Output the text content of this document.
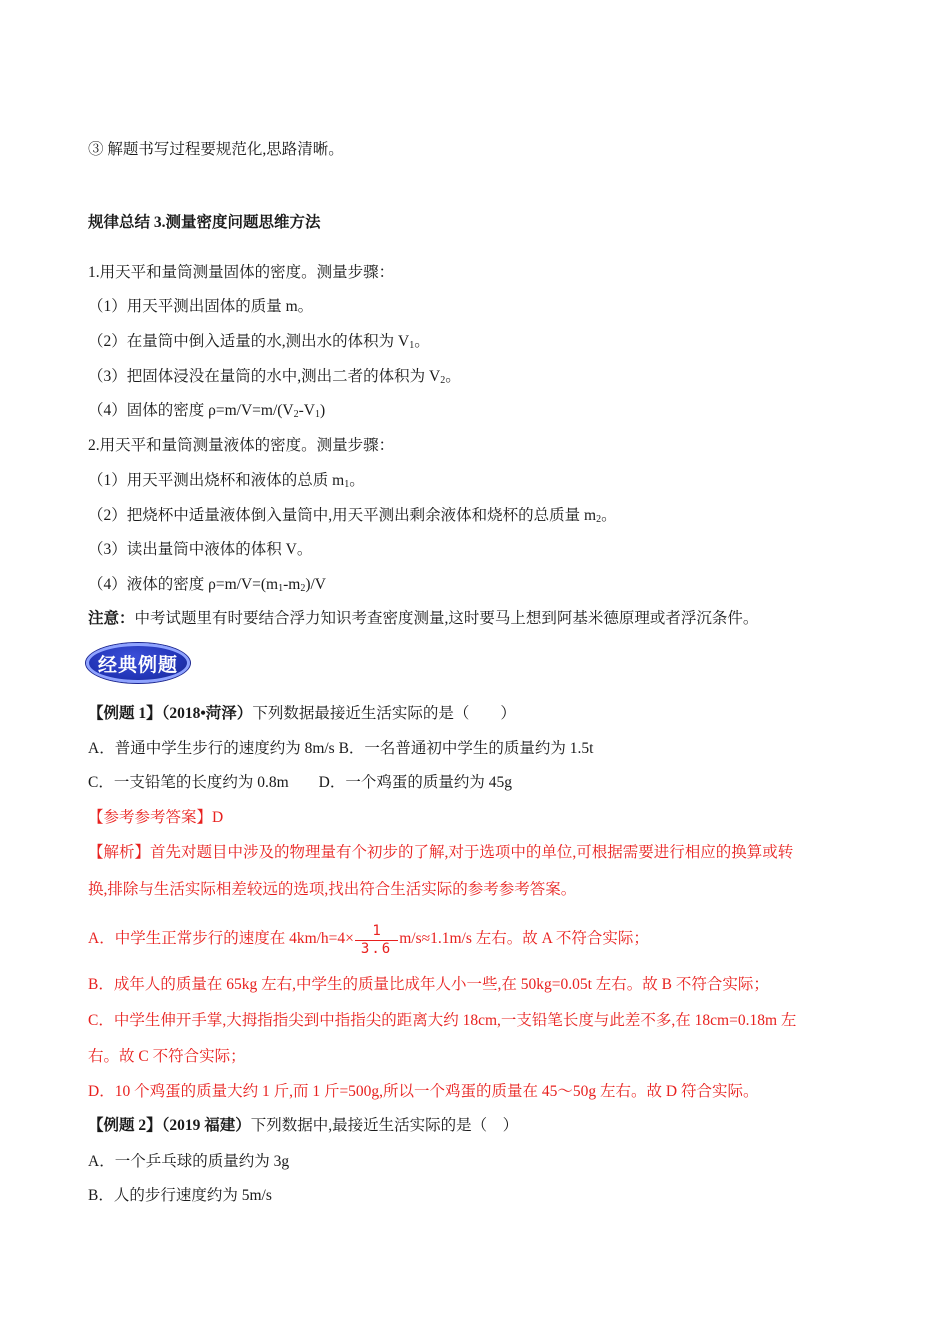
③ 解题书写过程要规范化,思路清晰。

规律总结 3.测量密度问题思维方法

1.用天平和量筒测量固体的密度。测量步骤：

（1）用天平测出固体的质量 m。

（2）在量筒中倒入适量的水,测出水的体积为 $V_1$。

（3）把固体浸没在量筒的水中,测出二者的体积为 $V_2$。

（4）固体的密度 $\rho=m/V=m/(V_2-V_1)$

2.用天平和量筒测量液体的密度。测量步骤：

（1）用天平测出烧杯和液体的总质 $m_1$。

（2）把烧杯中适量液体倒入量筒中,用天平测出剩余液体和烧杯的总质量 $m_2$。

（3）读出量筒中液体的体积 V。

（4）液体的密度 $\rho=m/V=(m_1-m_2)/V$

注意：中考试题里有时要结合浮力知识考查密度测量,这时要马上想到阿基米德原理或者浮沉条件。

经典例题

【例题 1】（2018•菏泽）下列数据最接近生活实际的是（　　）

A．普通中学生步行的速度约为 8m/s B．一名普通初中学生的质量约为 1.5t

C．一支铅笔的长度约为 0.8m D．一个鸡蛋的质量约为 45g

【参考参考答案】D

【解析】首先对题目中涉及的物理量有个初步的了解,对于选项中的单位,可根据需要进行相应的换算或转

换,排除与生活实际相差较远的选项,找出符合生活实际的参考参考答案。

A．中学生正常步行的速度在 $4km/h=4\times \frac{1}{3.6} m/s\approx 1.1m/s$ 左右。故 A 不符合实际；

B．成年人的质量在 65kg 左右,中学生的质量比成年人小一些,在 50kg=0.05t 左右。故 B 不符合实际；

C．中学生伸开手掌,大拇指指尖到中指指尖的距离大约 18cm,一支铅笔长度与此差不多,在 18cm=0.18m 左

右。故 C 不符合实际；

D．10 个鸡蛋的质量大约 1 斤,而 1 斤=500g,所以一个鸡蛋的质量在 45～50g 左右。故 D 符合实际。

【例题 2】（2019 福建）下列数据中,最接近生活实际的是（　）

A．一个乒乓球的质量约为 3g

B．人的步行速度约为 5m/s
